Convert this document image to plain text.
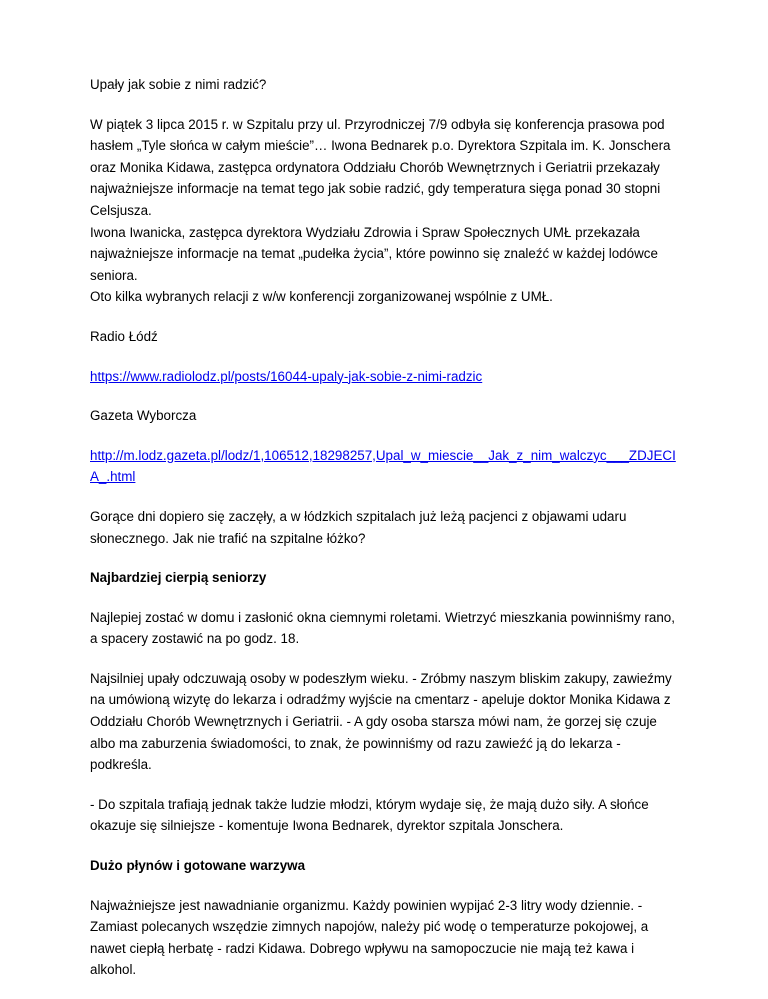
Upały jak sobie z nimi radzić?

W piątek 3 lipca 2015 r. w Szpitalu przy ul. Przyrodniczej 7/9 odbyła się konferencja prasowa pod hasłem „Tyle słońca w całym mieście”… Iwona Bednarek p.o. Dyrektora Szpitala im. K. Jonschera oraz Monika Kidawa, zastępca ordynatora Oddziału Chorób Wewnętrznych i Geriatrii przekazały najważniejsze informacje na temat tego jak sobie radzić, gdy temperatura sięga ponad 30 stopni Celsjusza.
Iwona Iwanicka, zastępca dyrektora Wydziału Zdrowia i Spraw Społecznych UMŁ przekazała najważniejsze informacje na temat „pudełka życia”, które powinno się znaleźć w każdej lodówce seniora.
Oto kilka wybranych relacji z w/w konferencji zorganizowanej wspólnie z UMŁ.

Radio Łódź

https://www.radiolodz.pl/posts/16044-upaly-jak-sobie-z-nimi-radzic

Gazeta Wyborcza

http://m.lodz.gazeta.pl/lodz/1,106512,18298257,Upal_w_miescie__Jak_z_nim_walczyc___ZDJECIA_.html

Gorące dni dopiero się zaczęły, a w łódzkich szpitalach już leżą pacjenci z objawami udaru słonecznego. Jak nie trafić na szpitalne łóżko?

Najbardziej cierpią seniorzy

Najlepiej zostać w domu i zasłonić okna ciemnymi roletami. Wietrzyć mieszkania powinniśmy rano, a spacery zostawić na po godz. 18.

Najsilniej upały odczuwają osoby w podeszłym wieku. - Zróbmy naszym bliskim zakupy, zawieźmy na umówioną wizytę do lekarza i odradźmy wyjście na cmentarz - apeluje doktor Monika Kidawa z Oddziału Chorób Wewnętrznych i Geriatrii. - A gdy osoba starsza mówi nam, że gorzej się czuje albo ma zaburzenia świadomości, to znak, że powinniśmy od razu zawieźć ją do lekarza - podkreśla.

- Do szpitala trafiają jednak także ludzie młodzi, którym wydaje się, że mają dużo siły. A słońce okazuje się silniejsze - komentuje Iwona Bednarek, dyrektor szpitala Jonschera.

Dużo płynów i gotowane warzywa

Najważniejsze jest nawadnianie organizmu. Każdy powinien wypijać 2-3 litry wody dziennie. - Zamiast polecanych wszędzie zimnych napojów, należy pić wodę o temperaturze pokojowej, a nawet ciepłą herbatę - radzi Kidawa. Dobrego wpływu na samopoczucie nie mają też kawa i alkohol.
